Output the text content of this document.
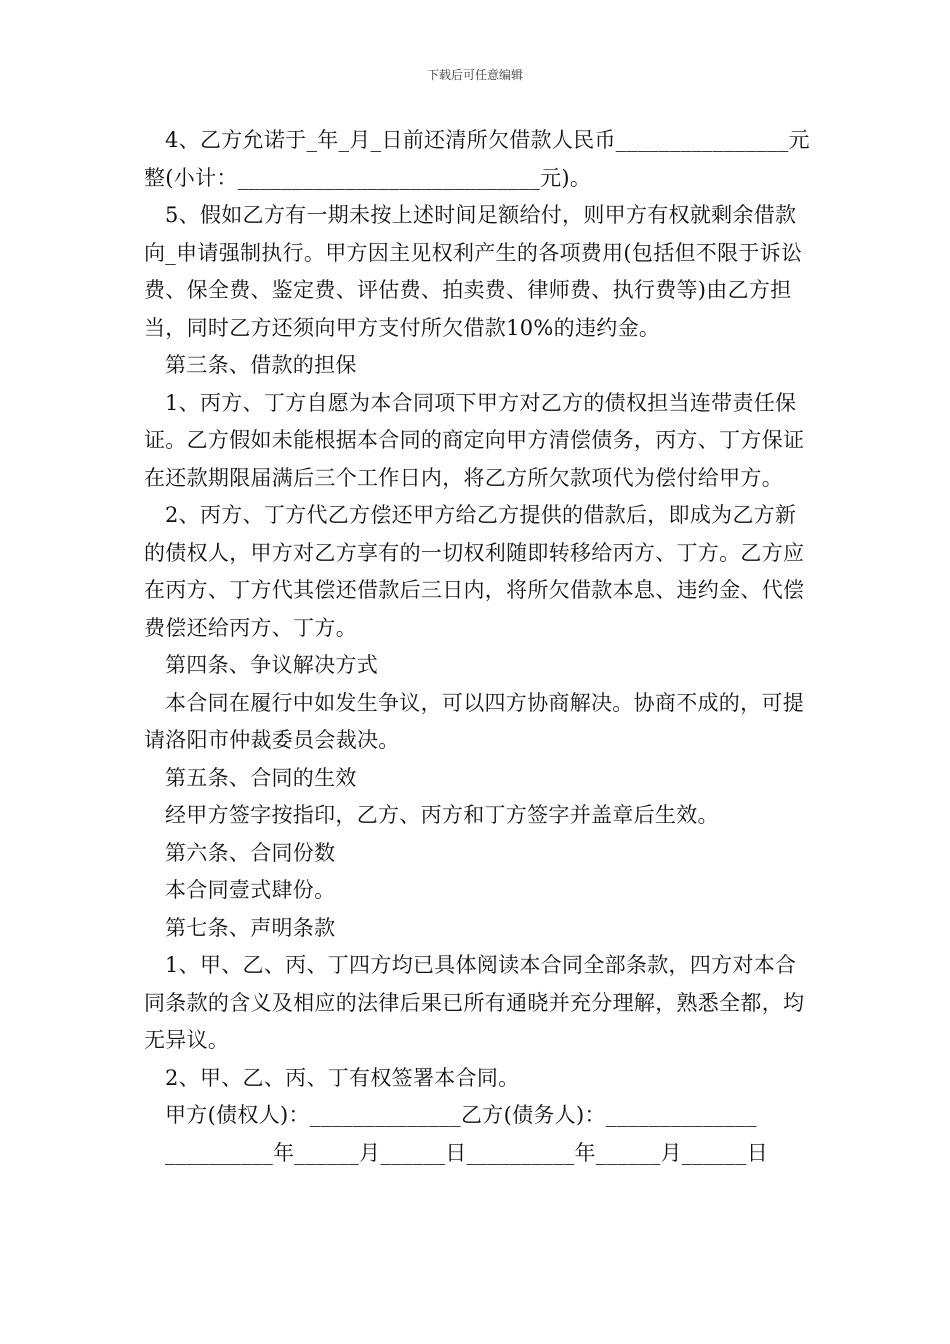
下载后可任意编辑

4、乙方允诺于_年_月_日前还清所欠借款人民币________________元整(小计：____________________________元)。

5、假如乙方有一期未按上述时间足额给付，则甲方有权就剩余借款向_申请强制执行。甲方因主见权利产生的各项费用(包括但不限于诉讼费、保全费、鉴定费、评估费、拍卖费、律师费、执行费等)由乙方担当，同时乙方还须向甲方支付所欠借款10%的违约金。

第三条、借款的担保

1、丙方、丁方自愿为本合同项下甲方对乙方的债权担当连带责任保证。乙方假如未能根据本合同的商定向甲方清偿债务，丙方、丁方保证在还款期限届满后三个工作日内，将乙方所欠款项代为偿付给甲方。

2、丙方、丁方代乙方偿还甲方给乙方提供的借款后，即成为乙方新的债权人，甲方对乙方享有的一切权利随即转移给丙方、丁方。乙方应在丙方、丁方代其偿还借款后三日内，将所欠借款本息、违约金、代偿费偿还给丙方、丁方。

第四条、争议解决方式

本合同在履行中如发生争议，可以四方协商解决。协商不成的，可提请洛阳市仲裁委员会裁决。

第五条、合同的生效

经甲方签字按指印，乙方、丙方和丁方签字并盖章后生效。

第六条、合同份数

本合同壹式肆份。

第七条、声明条款

1、甲、乙、丙、丁四方均已具体阅读本合同全部条款，四方对本合同条款的含义及相应的法律后果已所有通晓并充分理解，熟悉全都，均无异议。

2、甲、乙、丙、丁有权签署本合同。

甲方(债权人)：______________乙方(债务人)：______________

__________年______月______日__________年______月______日
